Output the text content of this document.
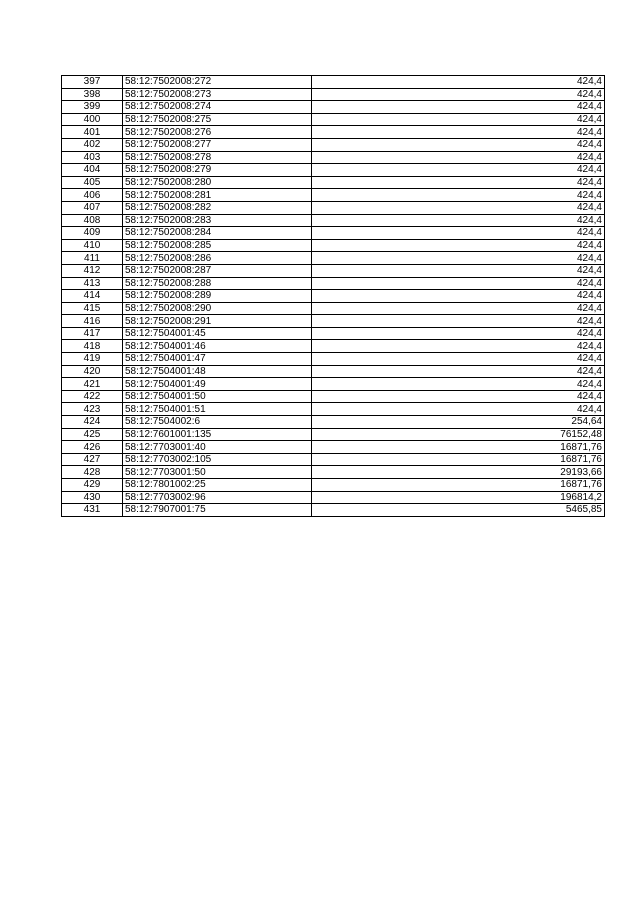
397	58:12:7502008:272	424,4
398	58:12:7502008:273	424,4
399	58:12:7502008:274	424,4
400	58:12:7502008:275	424,4
401	58:12:7502008:276	424,4
402	58:12:7502008:277	424,4
403	58:12:7502008:278	424,4
404	58:12:7502008:279	424,4
405	58:12:7502008:280	424,4
406	58:12:7502008:281	424,4
407	58:12:7502008:282	424,4
408	58:12:7502008:283	424,4
409	58:12:7502008:284	424,4
410	58:12:7502008:285	424,4
411	58:12:7502008:286	424,4
412	58:12:7502008:287	424,4
413	58:12:7502008:288	424,4
414	58:12:7502008:289	424,4
415	58:12:7502008:290	424,4
416	58:12:7502008:291	424,4
417	58:12:7504001:45	424,4
418	58:12:7504001:46	424,4
419	58:12:7504001:47	424,4
420	58:12:7504001:48	424,4
421	58:12:7504001:49	424,4
422	58:12:7504001:50	424,4
423	58:12:7504001:51	424,4
424	58:12:7504002:6	254,64
425	58:12:7601001:135	76152,48
426	58:12:7703001:40	16871,76
427	58:12:7703002:105	16871,76
428	58:12:7703001:50	29193,66
429	58:12:7801002:25	16871,76
430	58:12:7703002:96	196814,2
431	58:12:7907001:75	5465,85
